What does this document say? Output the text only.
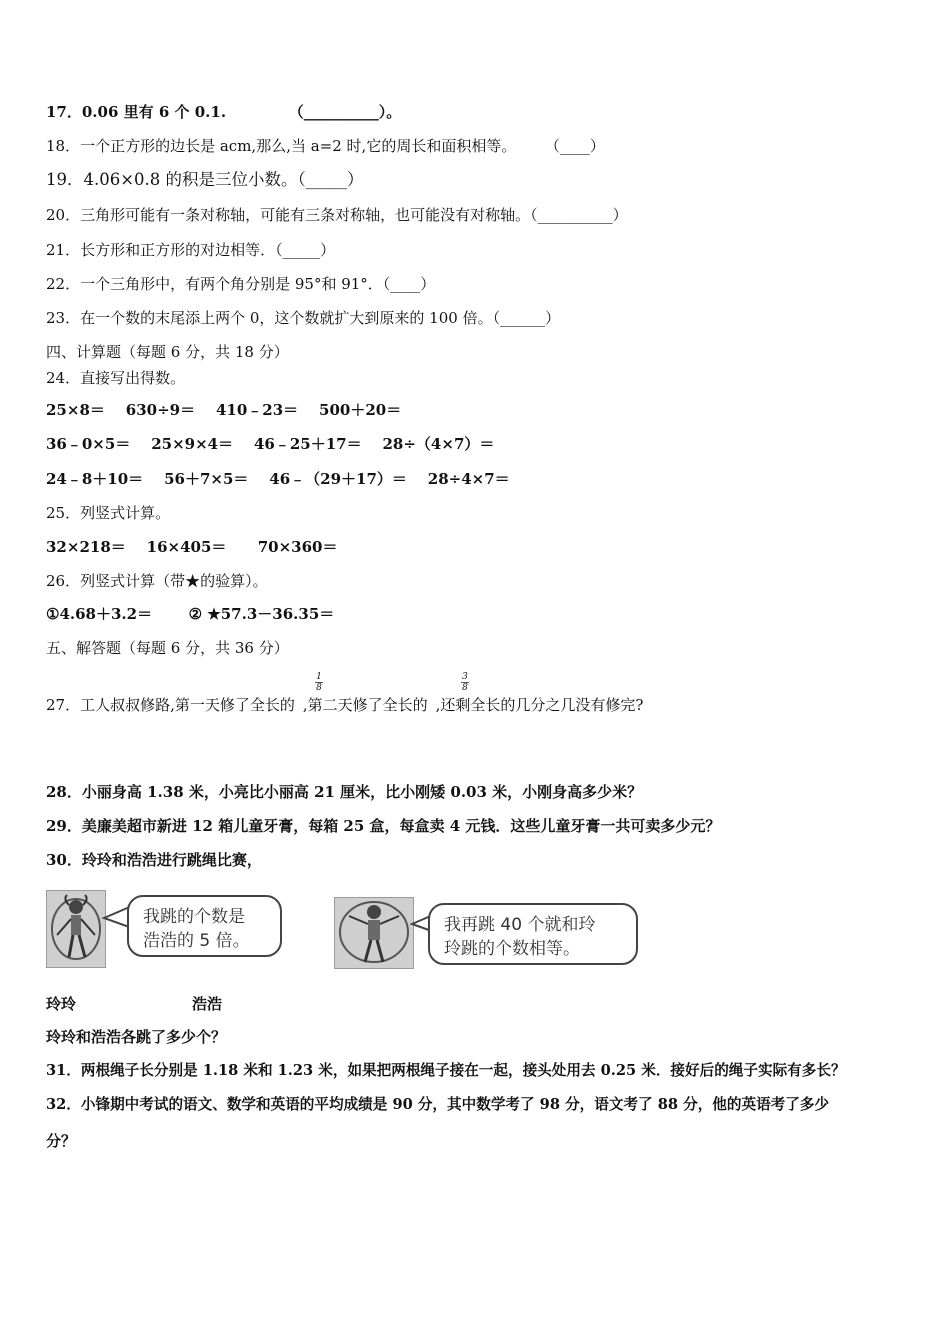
17．0.06 里有 6 个 0.1.            （__________）。
18．一个正方形的边长是 acm,那么,当 a=2 时,它的周长和面积相等。      （____）
19．4.06×0.8 的积是三位小数。（_____）
20．三角形可能有一条对称轴，可能有三条对称轴，也可能没有对称轴。（__________）
21．长方形和正方形的对边相等．（_____）
22．一个三角形中，有两个角分别是 95°和 91°．（____）
23．在一个数的末尾添上两个 0，这个数就扩大到原来的 100 倍。（______）
四、计算题（每题 6 分，共 18 分）
24．直接写出得数。
25×8＝    630÷9＝    410﹣23＝    500＋20＝
36﹣0×5＝    25×9×4＝    46﹣25＋17＝    28÷（4×7）＝
24﹣8＋10＝    56＋7×5＝    46﹣（29＋17）＝    28÷4×7＝
25．列竖式计算。
32×218＝    16×405＝      70×360＝
26．列竖式计算（带★的验算）。
①4.68＋3.2＝       ② ★57.3－36.35＝
五、解答题（每题 6 分，共 36 分）
27．工人叔叔修路,第一天修了全长的 ,第二天修了全长的 ,还剩全长的几分之几没有修完?
1
8
3
8
28．小丽身高 1.38 米，小亮比小丽高 21 厘米，比小刚矮 0.03 米，小刚身高多少米？
29．美廉美超市新进 12 箱儿童牙膏，每箱 25 盒，每盒卖 4 元钱．这些儿童牙膏一共可卖多少元？
30．玲玲和浩浩进行跳绳比赛，
我跳的个数是
浩浩的 5 倍。
我再跳 40 个就和玲
玲跳的个数相等。
玲玲	浩浩
玲玲和浩浩各跳了多少个？
31．两根绳子长分别是 1.18 米和 1.23 米，如果把两根绳子接在一起，接头处用去 0.25 米．接好后的绳子实际有多长？
32．小锋期中考试的语文、数学和英语的平均成绩是 90 分，其中数学考了 98 分，语文考了 88 分，他的英语考了多少
分？
